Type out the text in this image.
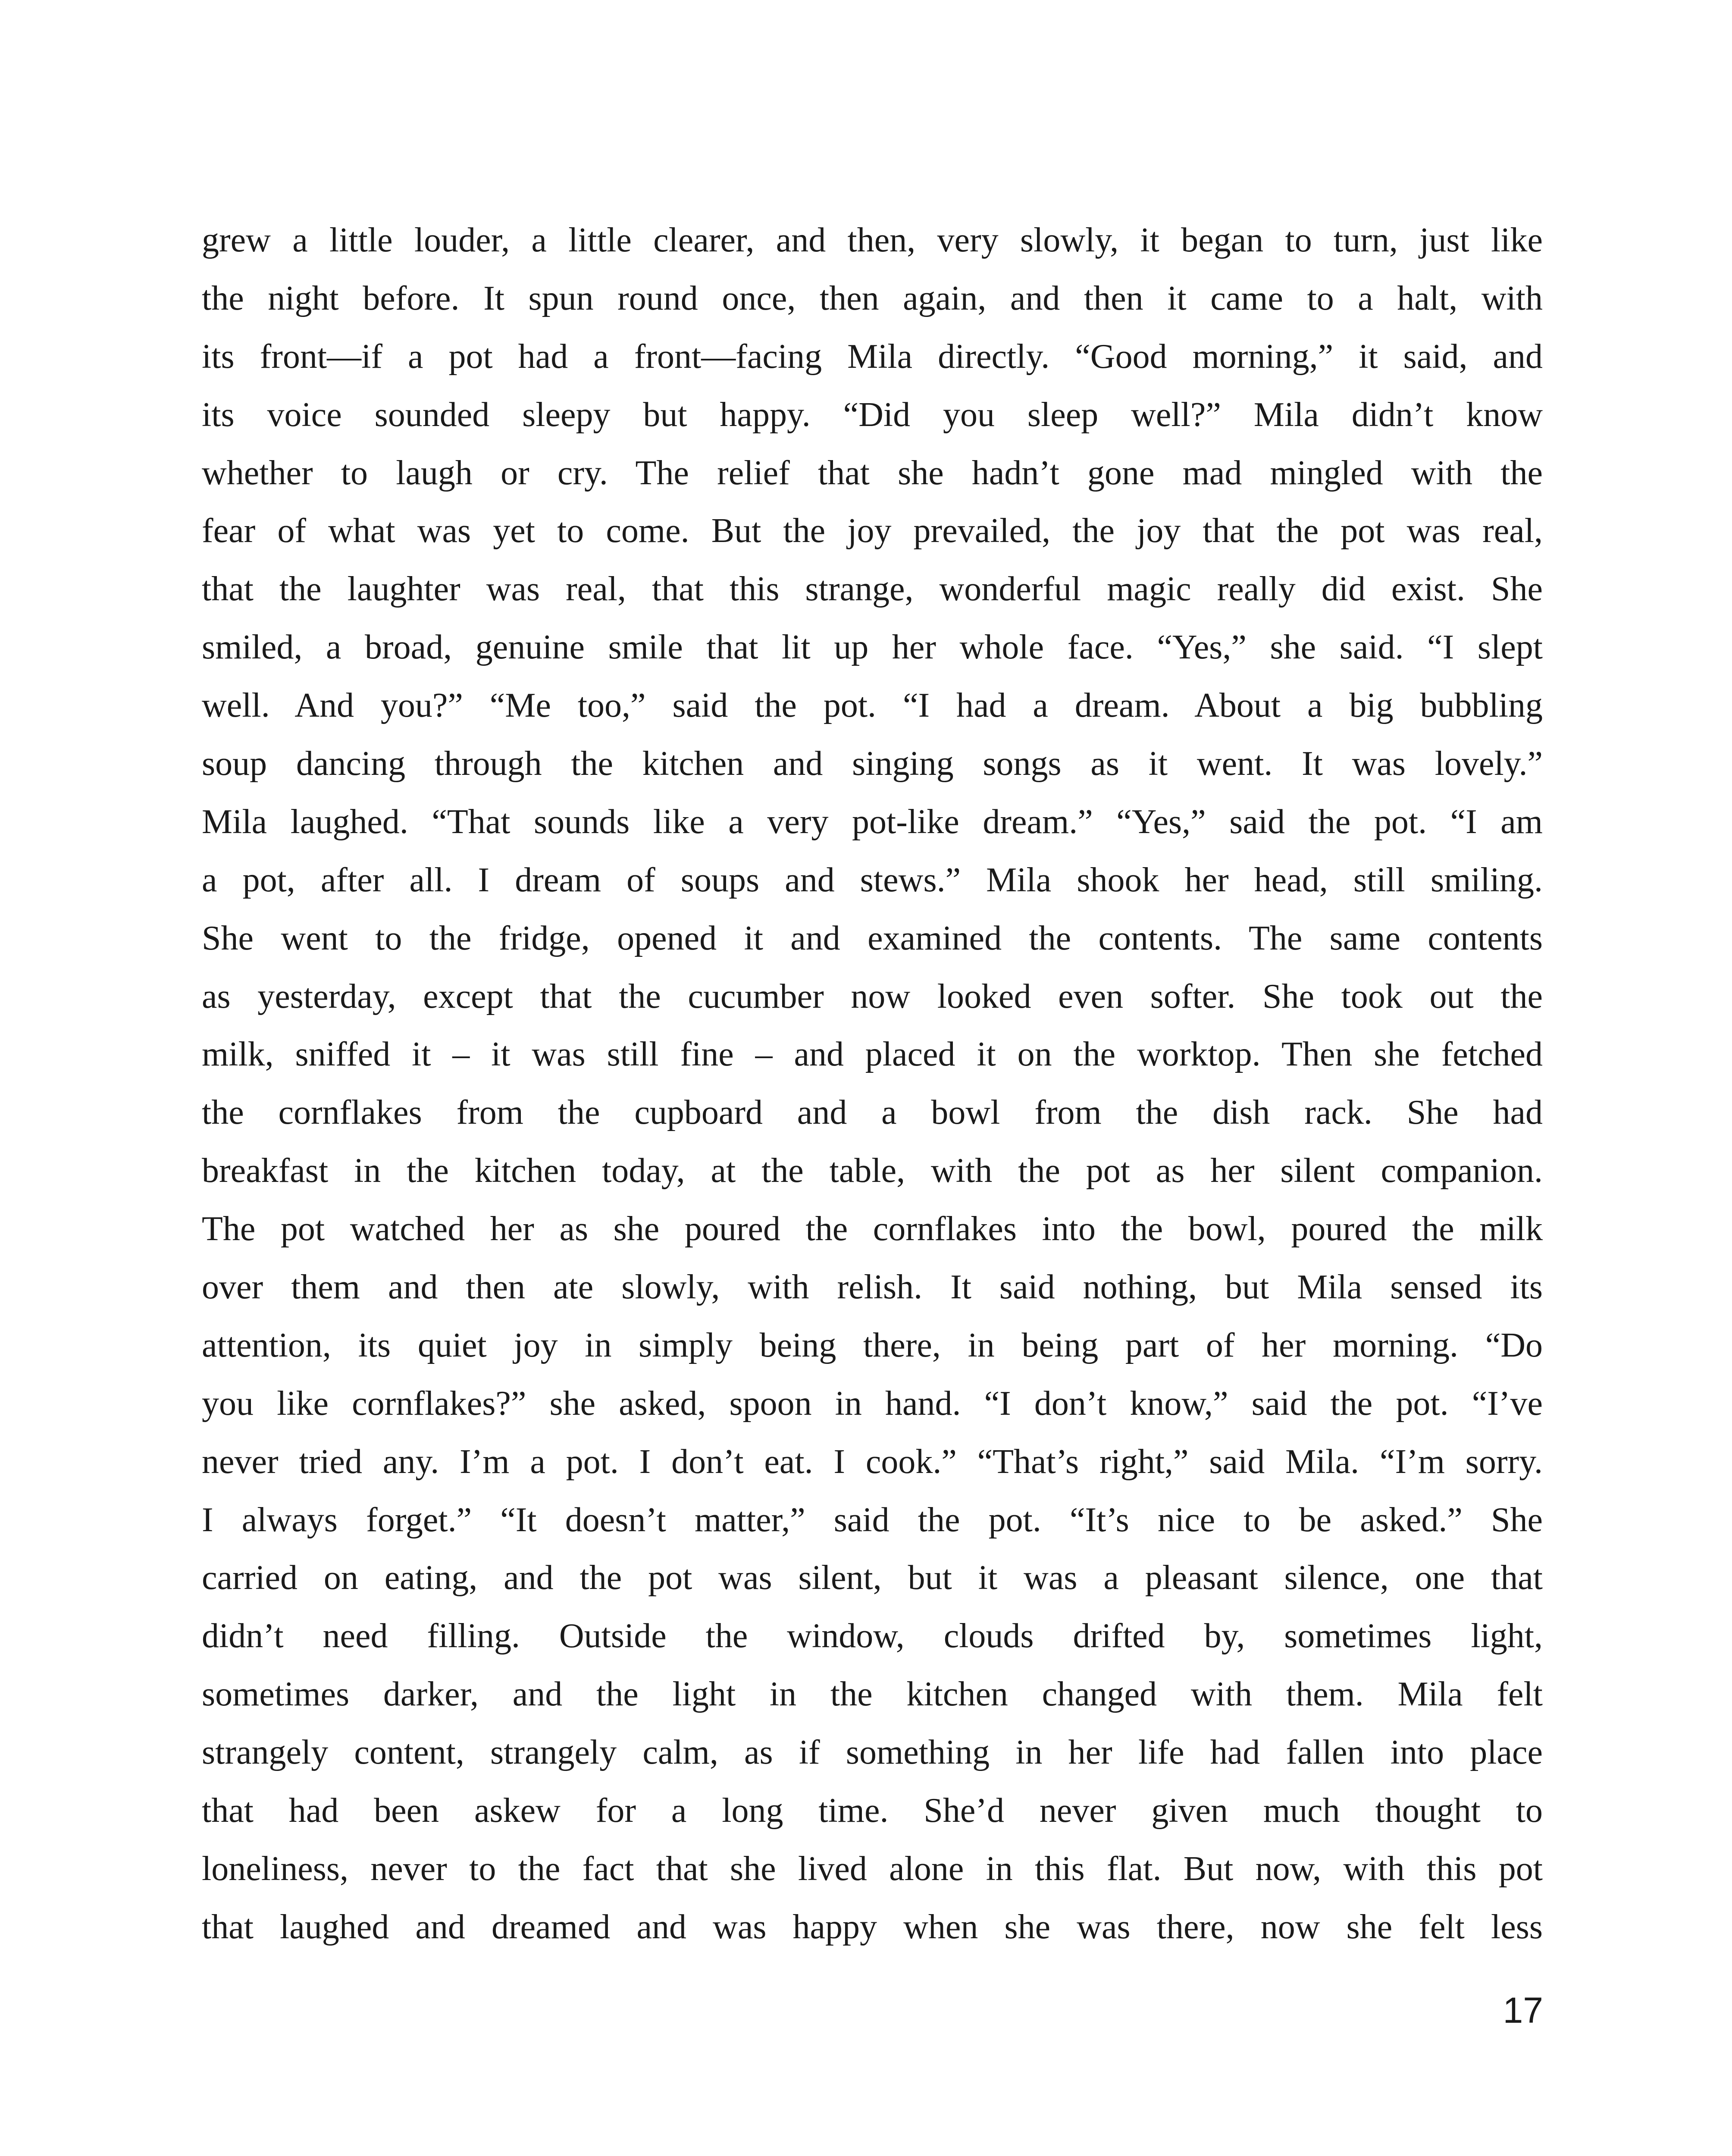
grew a little louder, a little clearer, and then, very slowly, it began to turn, just like
the night before. It spun round once, then again, and then it came to a halt, with
its front—if a pot had a front—facing Mila directly. “Good morning,” it said, and
its voice sounded sleepy but happy. “Did you sleep well?” Mila didn’t know
whether to laugh or cry. The relief that she hadn’t gone mad mingled with the
fear of what was yet to come. But the joy prevailed, the joy that the pot was real,
that the laughter was real, that this strange, wonderful magic really did exist. She
smiled, a broad, genuine smile that lit up her whole face. “Yes,” she said. “I slept
well. And you?” “Me too,” said the pot. “I had a dream. About a big bubbling
soup dancing through the kitchen and singing songs as it went. It was lovely.”
Mila laughed. “That sounds like a very pot-like dream.” “Yes,” said the pot. “I am
a pot, after all. I dream of soups and stews.” Mila shook her head, still smiling.
She went to the fridge, opened it and examined the contents. The same contents
as yesterday, except that the cucumber now looked even softer. She took out the
milk, sniffed it – it was still fine – and placed it on the worktop. Then she fetched
the cornflakes from the cupboard and a bowl from the dish rack. She had
breakfast in the kitchen today, at the table, with the pot as her silent companion.
The pot watched her as she poured the cornflakes into the bowl, poured the milk
over them and then ate slowly, with relish. It said nothing, but Mila sensed its
attention, its quiet joy in simply being there, in being part of her morning. “Do
you like cornflakes?” she asked, spoon in hand. “I don’t know,” said the pot. “I’ve
never tried any. I’m a pot. I don’t eat. I cook.” “That’s right,” said Mila. “I’m sorry.
I always forget.” “It doesn’t matter,” said the pot. “It’s nice to be asked.” She
carried on eating, and the pot was silent, but it was a pleasant silence, one that
didn’t need filling. Outside the window, clouds drifted by, sometimes light,
sometimes darker, and the light in the kitchen changed with them. Mila felt
strangely content, strangely calm, as if something in her life had fallen into place
that had been askew for a long time. She’d never given much thought to
loneliness, never to the fact that she lived alone in this flat. But now, with this pot
that laughed and dreamed and was happy when she was there, now she felt less
17
